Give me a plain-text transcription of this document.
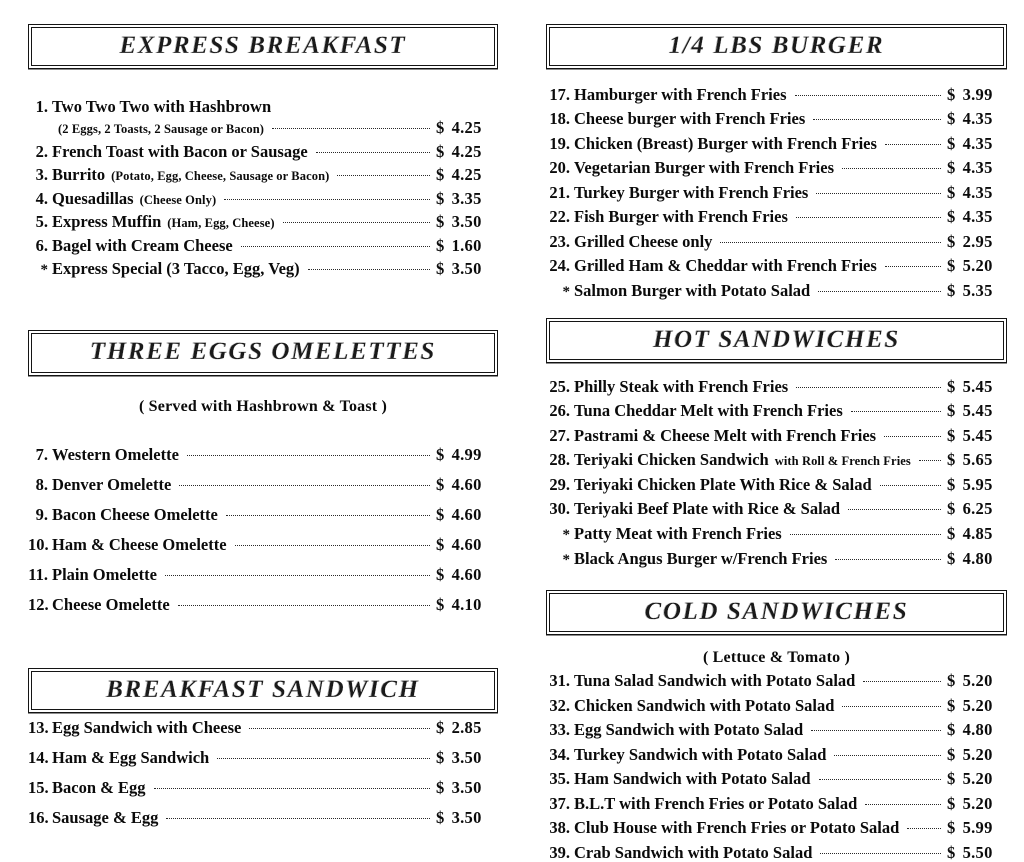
EXPRESS BREAKFAST
1. Two Two Two with Hashbrown
(2 Eggs, 2 Toasts, 2 Sausage or Bacon)	$ 4.25
2. French Toast with Bacon or Sausage	$ 4.25
3. Burrito (Potato, Egg, Cheese, Sausage or Bacon)	$ 4.25
4. Quesadillas (Cheese Only)	$ 3.35
5. Express Muffin (Ham, Egg, Cheese)	$ 3.50
6. Bagel with Cream Cheese	$ 1.60
* Express Special (3 Tacco, Egg, Veg)	$ 3.50
THREE EGGS OMELETTES
( Served with Hashbrown & Toast )
7. Western Omelette	$ 4.99
8. Denver Omelette	$ 4.60
9. Bacon Cheese Omelette	$ 4.60
10. Ham & Cheese Omelette	$ 4.60
11. Plain Omelette	$ 4.60
12. Cheese Omelette	$ 4.10
BREAKFAST SANDWICH
13. Egg Sandwich with Cheese	$ 2.85
14. Ham & Egg Sandwich	$ 3.50
15. Bacon & Egg	$ 3.50
16. Sausage & Egg	$ 3.50
1/4 LBS BURGER
17. Hamburger with French Fries	$ 3.99
18. Cheese burger with French Fries	$ 4.35
19. Chicken (Breast) Burger with French Fries	$ 4.35
20. Vegetarian Burger with French Fries	$ 4.35
21. Turkey Burger with French Fries	$ 4.35
22. Fish Burger with French Fries	$ 4.35
23. Grilled Cheese only	$ 2.95
24. Grilled Ham & Cheddar with French Fries	$ 5.20
* Salmon Burger with Potato Salad	$ 5.35
HOT SANDWICHES
25. Philly Steak with French Fries	$ 5.45
26. Tuna Cheddar Melt with French Fries	$ 5.45
27. Pastrami & Cheese Melt with French Fries	$ 5.45
28. Teriyaki Chicken Sandwich with Roll & French Fries $ 5.65
29. Teriyaki Chicken Plate With Rice & Salad	$ 5.95
30. Teriyaki Beef Plate with Rice & Salad	$ 6.25
* Patty Meat with French Fries	$ 4.85
* Black Angus Burger w/French Fries	$ 4.80
COLD SANDWICHES
( Lettuce & Tomato )
31. Tuna Salad Sandwich with Potato Salad	$ 5.20
32. Chicken Sandwich with Potato Salad	$ 5.20
33. Egg Sandwich with Potato Salad	$ 4.80
34. Turkey Sandwich with Potato Salad	$ 5.20
35. Ham Sandwich with Potato Salad	$ 5.20
37. B.L.T with French Fries or Potato Salad	$ 5.20
38. Club House with French Fries or Potato Salad	$ 5.99
39. Crab Sandwich with Potato Salad	$ 5.50
